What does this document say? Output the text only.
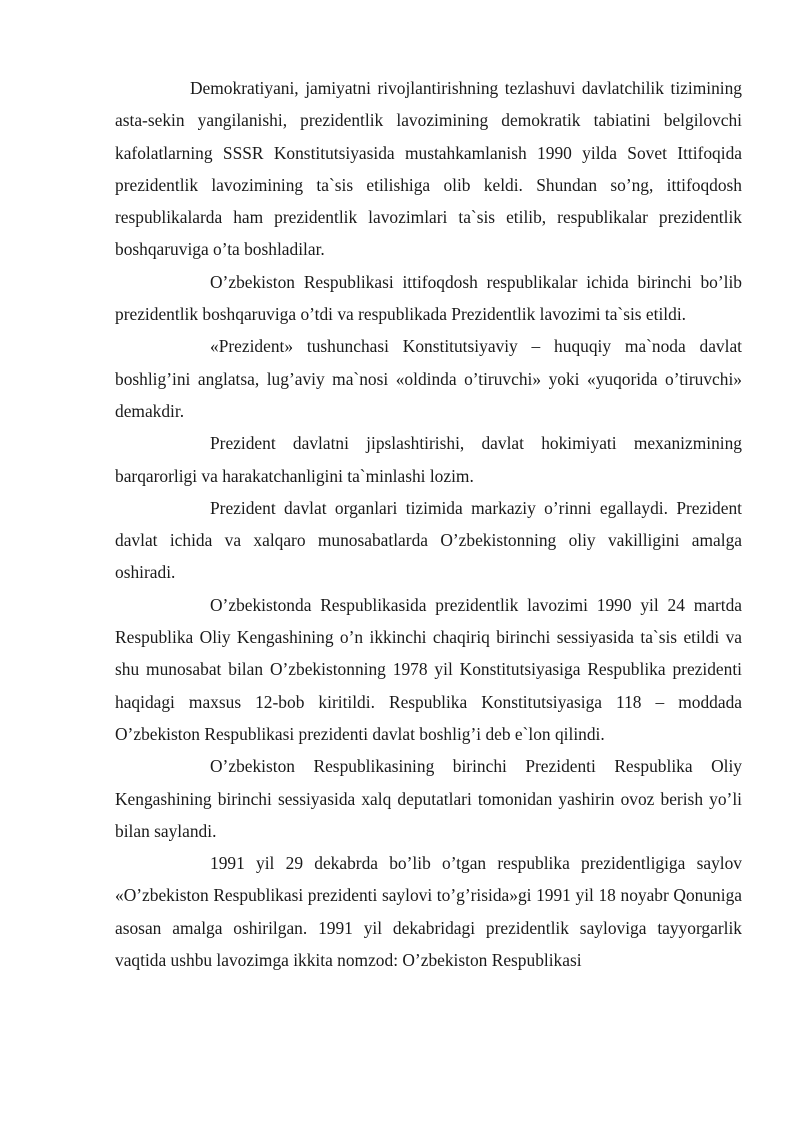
Demokratiyani, jamiyatni rivojlantirishning tezlashuvi davlatchilik tizimining asta-sekin yangilanishi, prezidentlik lavozimining demokratik tabiatini belgilovchi kafolatlarning SSSR Konstitutsiyasida mustahkamlanish 1990 yilda Sovet Ittifoqida prezidentlik lavozimining ta`sis etilishiga olib keldi. Shundan so’ng, ittifoqdosh respublikalarda ham prezidentlik lavozimlari ta`sis etilib, respublikalar prezidentlik boshqaruviga o’ta boshladilar.

O’zbekiston Respublikasi ittifoqdosh respublikalar ichida birinchi bo’lib prezidentlik boshqaruviga o’tdi va respublikada Prezidentlik lavozimi ta`sis etildi.

«Prezident» tushunchasi Konstitutsiyaviy – huquqiy ma`noda davlat boshlig’ini anglatsa, lug’aviy ma`nosi «oldinda o’tiruvchi» yoki «yuqorida o’tiruvchi» demakdir.

Prezident davlatni jipslashtirishi, davlat hokimiyati mexanizmining barqarorligi va harakatchanligini ta`minlashi lozim.

Prezident davlat organlari tizimida markaziy o’rinni egallaydi. Prezident davlat ichida va xalqaro munosabatlarda O’zbekistonning oliy vakilligini amalga oshiradi.

O’zbekistonda Respublikasida prezidentlik lavozimi 1990 yil 24 martda Respublika Oliy Kengashining o’n ikkinchi chaqiriq birinchi sessiyasida ta`sis etildi va shu munosabat bilan O’zbekistonning 1978 yil Konstitutsiyasiga Respublika prezidenti haqidagi maxsus 12-bob kiritildi. Respublika Konstitutsiyasiga 118 – moddada O’zbekiston Respublikasi prezidenti davlat boshlig’i deb e`lon qilindi.

O’zbekiston Respublikasining birinchi Prezidenti Respublika Oliy Kengashining birinchi sessiyasida xalq deputatlari tomonidan yashirin ovoz berish yo’li bilan saylandi.

1991 yil 29 dekabrda bo’lib o’tgan respublika prezidentligiga saylov «O’zbekiston Respublikasi prezidenti saylovi to’g’risida»gi 1991 yil 18 noyabr Qonuniga asosan amalga oshirilgan. 1991 yil dekabridagi prezidentlik sayloviga tayyorgarlik vaqtida ushbu lavozimga ikkita nomzod: O’zbekiston Respublikasi
